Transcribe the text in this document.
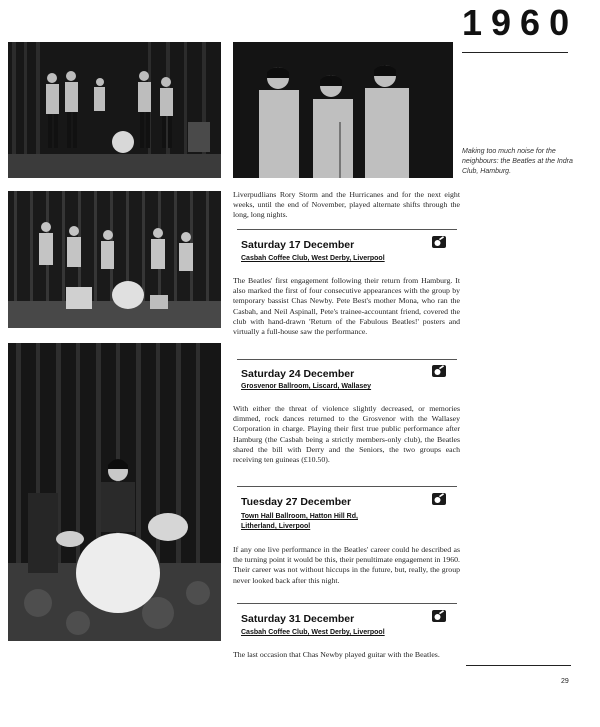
1960
Making too much noise for the neighbours: the Beatles at the Indra Club, Hamburg.
Liverpudlians Rory Storm and the Hurricanes and for the next eight weeks, until the end of November, played alternate shifts through the long, long nights.
Saturday 17 December
Casbah Coffee Club, West Derby, Liverpool
The Beatles' first engagement following their return from Hamburg. It also marked the first of four consecutive appearances with the group by temporary bassist Chas Newby. Pete Best's mother Mona, who ran the Casbah, and Neil Aspinall, Pete's trainee-accountant friend, covered the club with hand-drawn 'Return of the Fabulous Beatles!' posters and virtually a full-house saw the performance.
Saturday 24 December
Grosvenor Ballroom, Liscard, Wallasey
With either the threat of violence slightly decreased, or memories dimmed, rock dances returned to the Grosvenor with the Wallasey Corporation in charge. Playing their first true public performance after Hamburg (the Casbah being a strictly members-only club), the Beatles shared the bill with Derry and the Seniors, the two groups each receiving ten guineas (£10.50).
Tuesday 27 December
Town Hall Ballroom, Hatton Hill Rd,
Litherland, Liverpool
If any one live performance in the Beatles' career could he described as the turning point it would be this, their penultimate engagement in 1960. Their career was not without hiccups in the future, but, really, the group never looked back after this night.
Saturday 31 December
Casbah Coffee Club, West Derby, Liverpool
The last occasion that Chas Newby played guitar with the Beatles.
29
